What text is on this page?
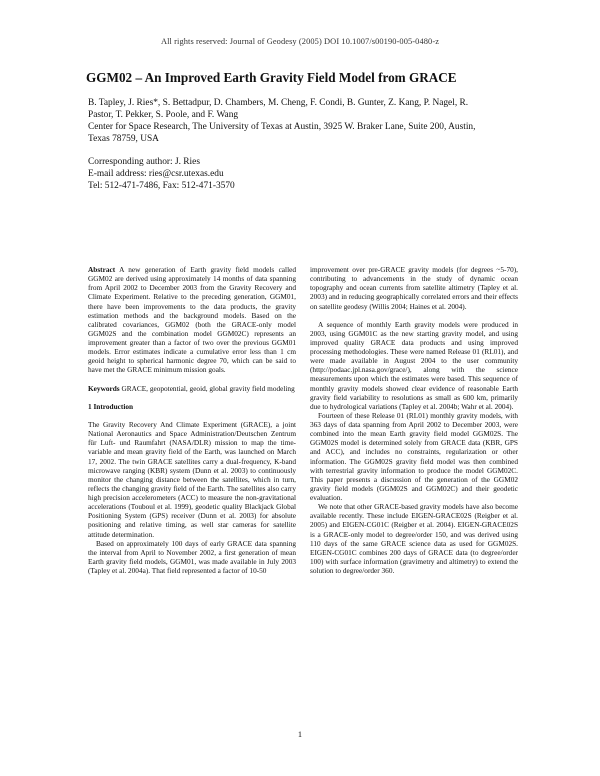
All rights reserved: Journal of Geodesy (2005) DOI 10.1007/s00190-005-0480-z
GGM02 – An Improved Earth Gravity Field Model from GRACE
B. Tapley, J. Ries*, S. Bettadpur, D. Chambers, M. Cheng, F. Condi, B. Gunter, Z. Kang, P. Nagel, R.
Pastor, T. Pekker, S. Poole, and F. Wang
Center for Space Research, The University of Texas at Austin, 3925 W. Braker Lane, Suite 200, Austin,
Texas 78759, USA
Corresponding author: J. Ries
E-mail address: ries@csr.utexas.edu
Tel: 512-471-7486, Fax: 512-471-3570

Abstract A new generation of Earth gravity field models called GGM02 are derived using approximately 14 months of data spanning from April 2002 to December 2003 from the Gravity Recovery and Climate Experiment. Relative to the preceding generation, GGM01, there have been improvements to the data products, the gravity estimation methods and the background models. Based on the calibrated covariances, GGM02 (both the GRACE-only model GGM02S and the combination model GGM02C) represents an improvement greater than a factor of two over the previous GGM01 models. Error estimates indicate a cumulative error less than 1 cm geoid height to spherical harmonic degree 70, which can be said to have met the GRACE minimum mission goals.

Keywords GRACE, geopotential, geoid, global gravity field modeling

1 Introduction

The Gravity Recovery And Climate Experiment (GRACE), a joint National Aeronautics and Space Administration/Deutschen Zentrum für Luft- und Raumfahrt (NASA/DLR) mission to map the time-variable and mean gravity field of the Earth, was launched on March 17, 2002. The twin GRACE satellites carry a dual-frequency, K-band microwave ranging (KBR) system (Dunn et al. 2003) to continuously monitor the changing distance between the satellites, which in turn, reflects the changing gravity field of the Earth. The satellites also carry high precision accelerometers (ACC) to measure the non-gravitational accelerations (Touboul et al. 1999), geodetic quality Blackjack Global Positioning System (GPS) receiver (Dunn et al. 2003) for absolute positioning and relative timing, as well star cameras for satellite attitude determination.

Based on approximately 100 days of early GRACE data spanning the interval from April to November 2002, a first generation of mean Earth gravity field models, GGM01, was made available in July 2003 (Tapley et al. 2004a). That field represented a factor of 10-50

improvement over pre-GRACE gravity models (for degrees ~5-70), contributing to advancements in the study of dynamic ocean topography and ocean currents from satellite altimetry (Tapley et al. 2003) and in reducing geographically correlated errors and their effects on satellite geodesy (Willis 2004; Haines et al. 2004).

A sequence of monthly Earth gravity models were produced in 2003, using GGM01C as the new starting gravity model, and using improved quality GRACE data products and using improved processing methodologies. These were named Release 01 (RL01), and were made available in August 2004 to the user community (http://podaac.jpl.nasa.gov/grace/), along with the science measurements upon which the estimates were based. This sequence of monthly gravity models showed clear evidence of reasonable Earth gravity field variability to resolutions as small as 600 km, primarily due to hydrological variations (Tapley et al. 2004b; Wahr et al. 2004).

Fourteen of these Release 01 (RL01) monthly gravity models, with 363 days of data spanning from April 2002 to December 2003, were combined into the mean Earth gravity field model GGM02S. The GGM02S model is determined solely from GRACE data (KBR, GPS and ACC), and includes no constraints, regularization or other information. The GGM02S gravity field model was then combined with terrestrial gravity information to produce the model GGM02C. This paper presents a discussion of the generation of the GGM02 gravity field models (GGM02S and GGM02C) and their geodetic evaluation.

We note that other GRACE-based gravity models have also become available recently. These include EIGEN-GRACE02S (Reigber et al. 2005) and EIGEN-CG01C (Reigber et al. 2004). EIGEN-GRACE02S is a GRACE-only model to degree/order 150, and was derived using 110 days of the same GRACE science data as used for GGM02S. EIGEN-CG01C combines 200 days of GRACE data (to degree/order 100) with surface information (gravimetry and altimetry) to extend the solution to degree/order 360.

1
